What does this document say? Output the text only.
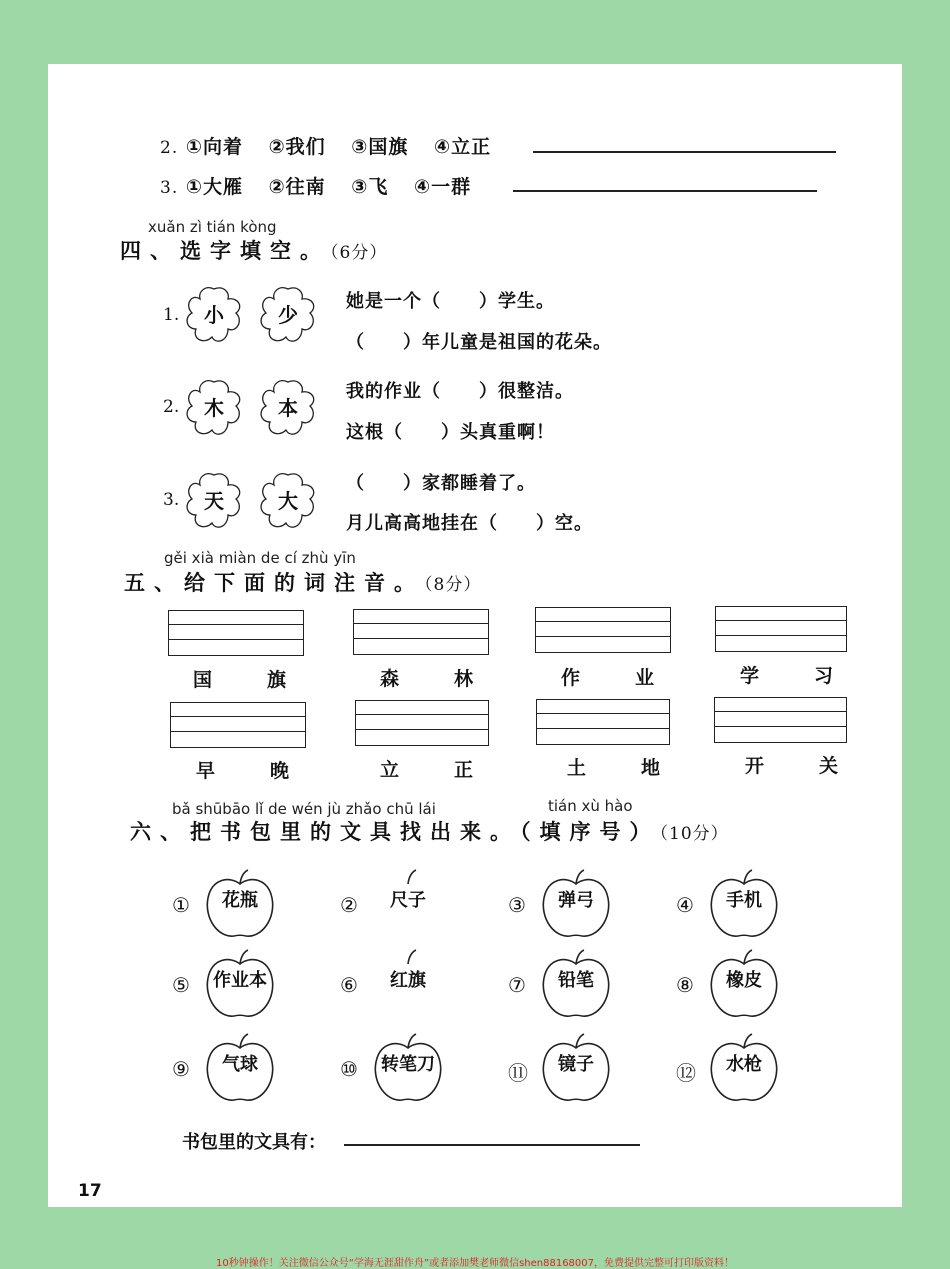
2. ①向着 ②我们 ③国旗 ④立正
3. ①大雁 ②往南 ③飞 ④一群
xuǎn zì tián kòng
四、选字填空。（6分）
1.	小	少
她是一个（　　）学生。
（　　）年儿童是祖国的花朵。
2.	木	本
我的作业（　　）很整洁。
这根（　　）头真重啊！
3.	天	大
（　　）家都睡着了。
月儿高高地挂在（　　）空。
gěi xià miàn de cí zhù yīn
五、给下面的词注音。（8分）
国　旗	森　林	作　业	学　习
早　晚	立　正	土　地	开　关
bǎ shūbāo lǐ de wén jù zhǎo chū lái	tián xù hào
六、把书包里的文具找出来。（填序号）（10分）
①	花瓶	②	尺子	③	弹弓	④	手机
⑤	作业本	⑥	红旗	⑦	铅笔	⑧	橡皮
⑨	气球	⑩	转笔刀	⑪	镜子	⑫	水枪
书包里的文具有：
17
10秒钟操作！关注微信公众号“学海无涯甜作舟”或者添加樊老师微信shen88168007，免费提供完整可打印版资料！
